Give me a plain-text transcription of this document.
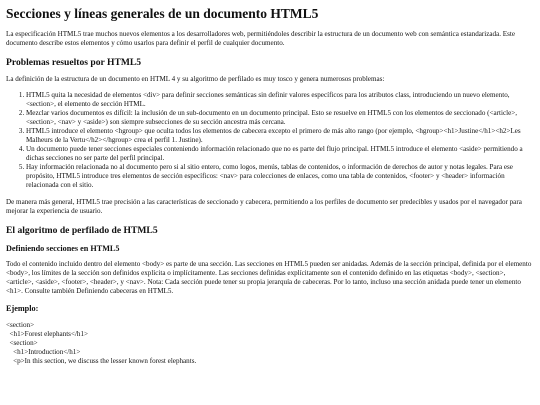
Secciones y líneas generales de un documento HTML5

La especificación HTML5 trae muchos nuevos elementos a los desarrolladores web, permitiéndoles describir la estructura de un documento web con semántica estandarizada. Este documento describe estos elementos y cómo usarlos para definir el perfil de cualquier documento.

Problemas resueltos por HTML5

La definición de la estructura de un documento en HTML 4 y su algoritmo de perfilado es muy tosco y genera numerosos problemas:

1. HTML5 quita la necesidad de elementos <div> para definir secciones semánticas sin definir valores específicos para los atributos class, introduciendo un nuevo elemento, <section>, el elemento de sección HTML.
2. Mezclar varios documentos es difícil: la inclusión de un sub-documento en un documento principal. Esto se resuelve en HTML5 con los elementos de seccionado (<article>, <section>, <nav> y <aside>) son siempre subsecciones de su sección ancestra más cercana.
3. HTML5 introduce el elemento <hgroup> que oculta todos los elementos de cabecera excepto el primero de más alto rango (por ejemplo, <hgroup><h1>Justine</h1><h2>Les Malheurs de la Vertu</h2></hgroup> crea el perfil 1. Justine).
4. Un documento puede tener secciones especiales conteniendo información relacionado que no es parte del flujo principal. HTML5 introduce el elemento <aside> permitiendo a dichas secciones no ser parte del perfil principal.
5. Hay información relacionada no al documento pero si al sitio entero, como logos, menús, tablas de contenidos, o información de derechos de autor y notas legales. Para ese propósito, HTML5 introduce tres elementos de sección específicos: <nav> para colecciones de enlaces, como una tabla de contenidos, <footer> y <header> información relacionada con el sitio.

De manera más general, HTML5 trae precisión a las características de seccionado y cabecera, permitiendo a los perfiles de documento ser predecibles y usados por el navegador para mejorar la experiencia de usuario.

El algoritmo de perfilado de HTML5
Definiendo secciones en HTML5

Todo el contenido incluido dentro del elemento <body> es parte de una sección. Las secciones en HTML5 pueden ser anidadas. Además de la sección principal, definida por el elemento <body>, los límites de la sección son definidos explícita o implícitamente. Las secciones definidas explícitamente son el contenido definido en las etiquetas <body>, <section>, <article>, <aside>, <footer>, <header>, y <nav>. Nota: Cada sección puede tener su propia jerarquía de cabeceras. Por lo tanto, incluso una sección anidada puede tener un elemento <h1>. Consulte también Definiendo cabeceras en HTML5.

Ejemplo:
<section>
<h1>Forest elephants</h1>
<section>
<h1>Introduction</h1>
<p>In this section, we discuss the lesser known forest elephants.
